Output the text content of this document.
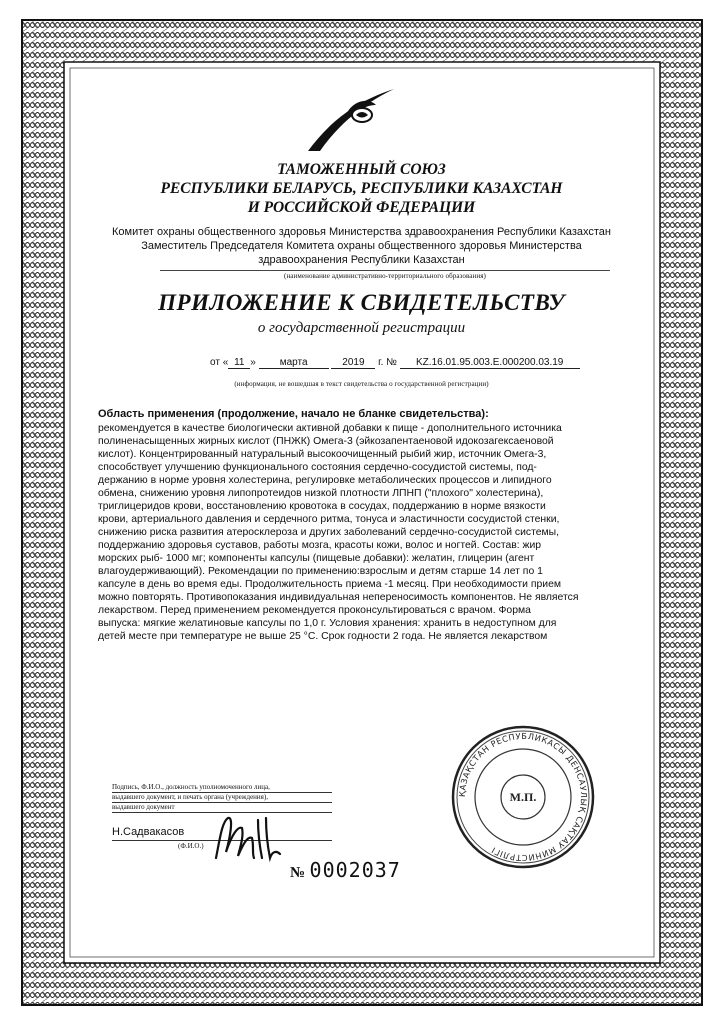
ТАМОЖЕННЫЙ СОЮЗ
РЕСПУБЛИКИ БЕЛАРУСЬ, РЕСПУБЛИКИ КАЗАХСТАН
И РОССИЙСКОЙ ФЕДЕРАЦИИ
Комитет охраны общественного здоровья Министерства здравоохранения Республики Казахстан
Заместитель Председателя Комитета охраны общественного здоровья Министерства
здравоохранения Республики Казахстан
(наименование административно-территориального образования)
ПРИЛОЖЕНИЕ К СВИДЕТЕЛЬСТВУ
о государственной регистрации
от « 11 » марта	2019 г. № KZ.16.01.95.003.Е.000200.03.19
(информация, не вошедшая в текст свидетельства о государственной регистрации)
Область применения (продолжение, начало не бланке свидетельства):
рекомендуется в качестве биологически активной добавки к пище - дополнительного источника
полиненасыщенных жирных кислот (ПНЖК) Омега-3 (эйкозапентаеновой идокозагексаеновой
кислот). Концентрированный натуральный высокоочищенный рыбий жир, источник Омега-3,
способствует улучшению функционального состояния сердечно-сосудистой системы, под-
держанию в норме уровня холестерина, регулировке метаболических процессов и липидного
обмена, снижению уровня липопротеидов низкой плотности ЛПНП ("плохого" холестерина),
триглицеридов крови, восстановлению кровотока в сосудах, поддержанию в норме вязкости
крови, артериального давления и сердечного ритма, тонуса и эластичности сосудистой стенки,
снижению риска развития атеросклероза и других заболеваний сердечно-сосудистой системы,
поддержанию здоровья суставов, работы мозга, красоты кожи, волос и ногтей. Состав: жир
морских рыб- 1000 мг; компоненты капсулы (пищевые добавки): желатин, глицерин (агент
влагоудерживающий). Рекомендации по применению:взрослым и детям старше 14 лет по 1
капсуле в день во время еды. Продолжительность приема -1 месяц. При необходимости прием
можно повторять. Противопоказания индивидуальная непереносимость компонентов. Не является
лекарством. Перед применением рекомендуется проконсультироваться с врачом. Форма
выпуска: мягкие желатиновые капсулы по 1,0 г. Условия хранения: хранить в недоступном для
детей месте при температуре не выше 25 °С. Срок годности 2 года. Не является лекарством
Подпись, Ф.И.О., должность уполномоченного лица,
выдавшего документ, и печать органа (учреждения),
выдавшего документ
Н.Садвакасов
(Ф.И.О.)
№ 0002037
ҚАЗАҚСТАН РЕСПУБЛИКАСЫ ДЕНСАУЛЫҚ САҚТАУ МИНИСТРЛІГІ
М.П.
